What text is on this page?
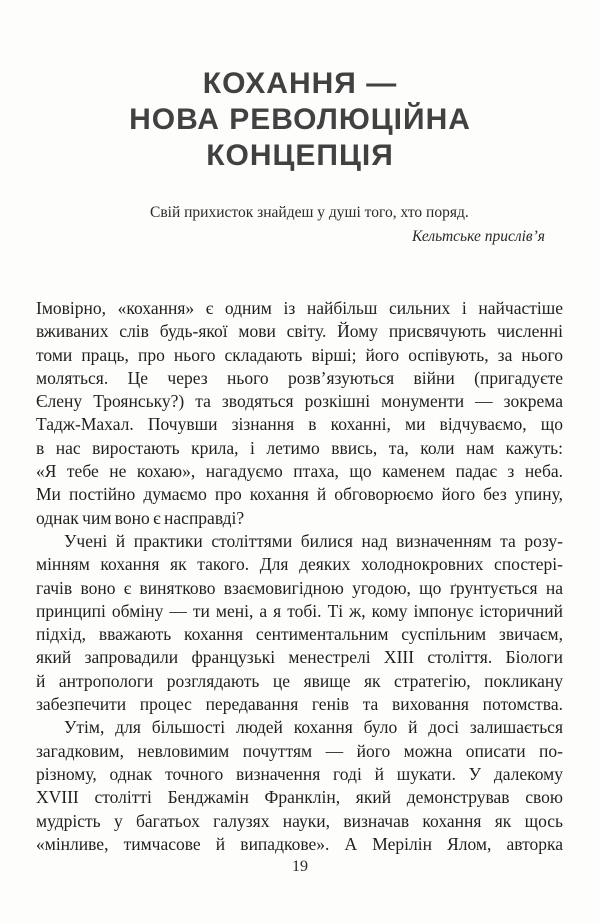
КОХАННЯ —
НОВА РЕВОЛЮЦІЙНА
КОНЦЕПЦІЯ
Свій прихисток знайдеш у душі того, хто поряд.
Кельтське прислів’я
Імовірно, «кохання» є одним із найбільш сильних і найчастіше
вживаних слів будь-якої мови світу. Йому присвячують численні
томи праць, про нього складають вірші; його оспівують, за нього
моляться. Це через нього розв’язуються війни (пригадуєте
Єлену Троянську?) та зводяться розкішні монументи — зокрема
Тадж-Махал. Почувши зізнання в коханні, ми відчуваємо, що
в нас виростають крила, і летимо ввись, та, коли нам кажуть:
«Я тебе не кохаю», нагадуємо птаха, що каменем падає з неба.
Ми постійно думаємо про кохання й обговорюємо його без упину,
однак чим воно є насправді?
Учені й практики століттями билися над визначенням та розу-
мінням кохання як такого. Для деяких холоднокровних спостері-
гачів воно є винятково взаємовигідною угодою, що ґрунтується на
принципі обміну — ти мені, а я тобі. Ті ж, кому імпонує історичний
підхід, вважають кохання сентиментальним суспільним звичаєм,
який запровадили французькі менестрелі XIII століття. Біологи
й антропологи розглядають це явище як стратегію, покликану
забезпечити процес передавання генів та виховання потомства.
Утім, для більшості людей кохання було й досі залишається
загадковим, невловимим почуттям — його можна описати по-
різному, однак точного визначення годі й шукати. У далекому
XVIII столітті Бенджамін Франклін, який демонстрував свою
мудрість у багатьох галузях науки, визначав кохання як щось
«мінливе, тимчасове й випадкове». А Мерілін Ялом, авторка
19
